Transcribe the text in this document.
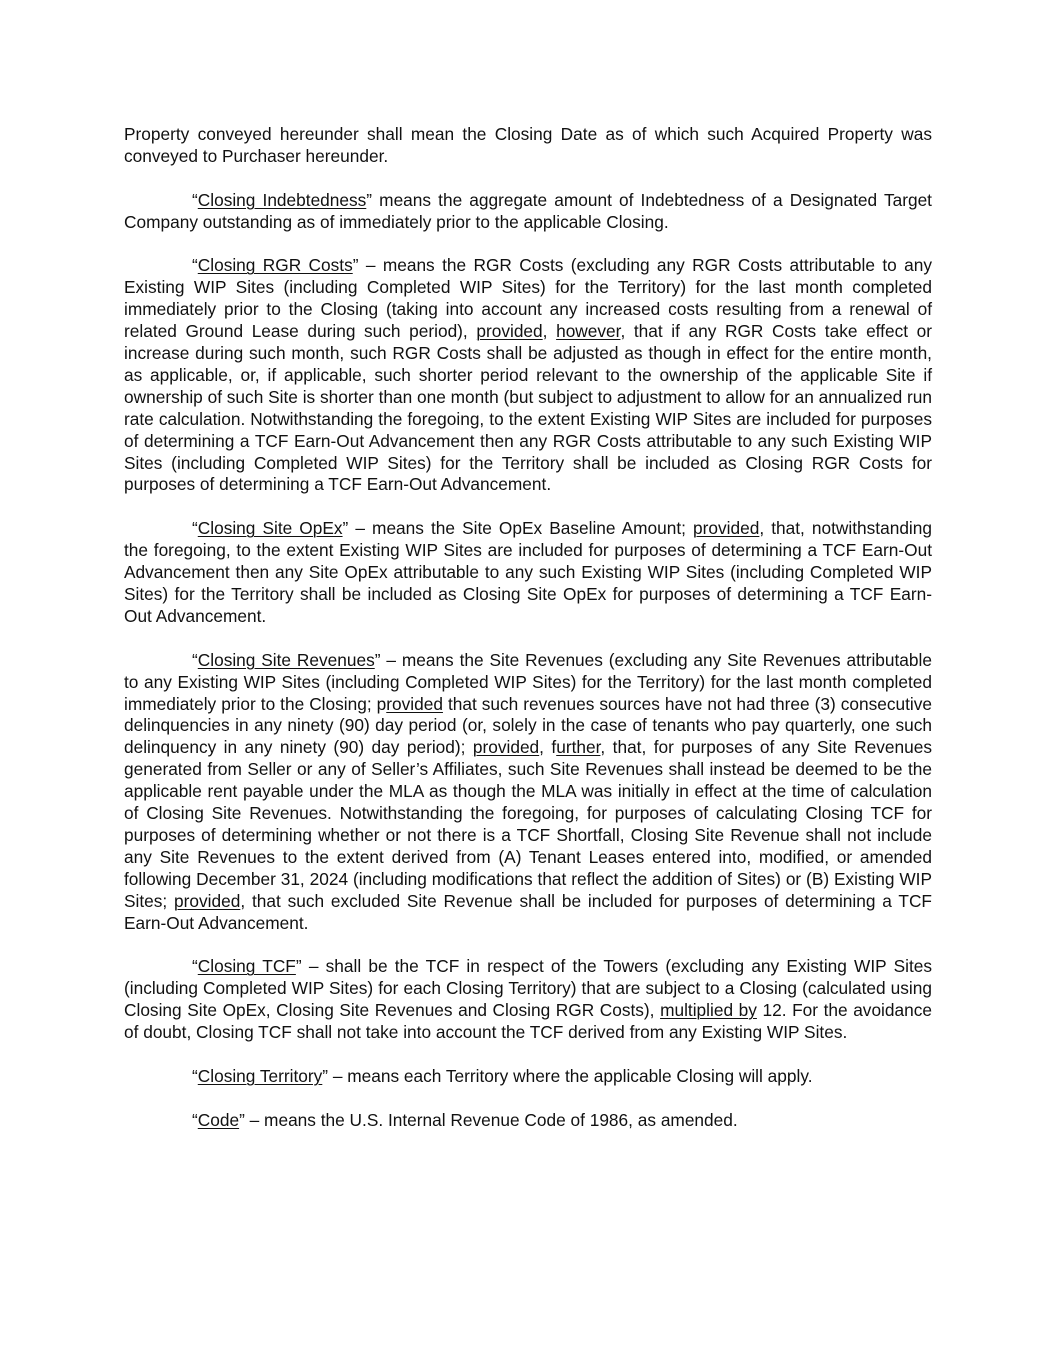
Property conveyed hereunder shall mean the Closing Date as of which such Acquired Property was conveyed to Purchaser hereunder.

“Closing Indebtedness” means the aggregate amount of Indebtedness of a Designated Target Company outstanding as of immediately prior to the applicable Closing.

“Closing RGR Costs” – means the RGR Costs (excluding any RGR Costs attributable to any Existing WIP Sites (including Completed WIP Sites) for the Territory) for the last month completed immediately prior to the Closing (taking into account any increased costs resulting from a renewal of related Ground Lease during such period), provided, however, that if any RGR Costs take effect or increase during such month, such RGR Costs shall be adjusted as though in effect for the entire month, as applicable, or, if applicable, such shorter period relevant to the ownership of the applicable Site if ownership of such Site is shorter than one month (but subject to adjustment to allow for an annualized run rate calculation. Notwithstanding the foregoing, to the extent Existing WIP Sites are included for purposes of determining a TCF Earn-Out Advancement then any RGR Costs attributable to any such Existing WIP Sites (including Completed WIP Sites) for the Territory shall be included as Closing RGR Costs for purposes of determining a TCF Earn-Out Advancement.

“Closing Site OpEx” – means the Site OpEx Baseline Amount; provided, that, notwithstanding the foregoing, to the extent Existing WIP Sites are included for purposes of determining a TCF Earn-Out Advancement then any Site OpEx attributable to any such Existing WIP Sites (including Completed WIP Sites) for the Territory shall be included as Closing Site OpEx for purposes of determining a TCF Earn-Out Advancement.

“Closing Site Revenues” – means the Site Revenues (excluding any Site Revenues attributable to any Existing WIP Sites (including Completed WIP Sites) for the Territory) for the last month completed immediately prior to the Closing; provided that such revenues sources have not had three (3) consecutive delinquencies in any ninety (90) day period (or, solely in the case of tenants who pay quarterly, one such delinquency in any ninety (90) day period); provided, further, that, for purposes of any Site Revenues generated from Seller or any of Seller’s Affiliates, such Site Revenues shall instead be deemed to be the applicable rent payable under the MLA as though the MLA was initially in effect at the time of calculation of Closing Site Revenues. Notwithstanding the foregoing, for purposes of calculating Closing TCF for purposes of determining whether or not there is a TCF Shortfall, Closing Site Revenue shall not include any Site Revenues to the extent derived from (A) Tenant Leases entered into, modified, or amended following December 31, 2024 (including modifications that reflect the addition of Sites) or (B) Existing WIP Sites; provided, that such excluded Site Revenue shall be included for purposes of determining a TCF Earn-Out Advancement.

“Closing TCF” – shall be the TCF in respect of the Towers (excluding any Existing WIP Sites (including Completed WIP Sites) for each Closing Territory) that are subject to a Closing (calculated using Closing Site OpEx, Closing Site Revenues and Closing RGR Costs), multiplied by 12. For the avoidance of doubt, Closing TCF shall not take into account the TCF derived from any Existing WIP Sites.

“Closing Territory” – means each Territory where the applicable Closing will apply.

“Code” – means the U.S. Internal Revenue Code of 1986, as amended.
